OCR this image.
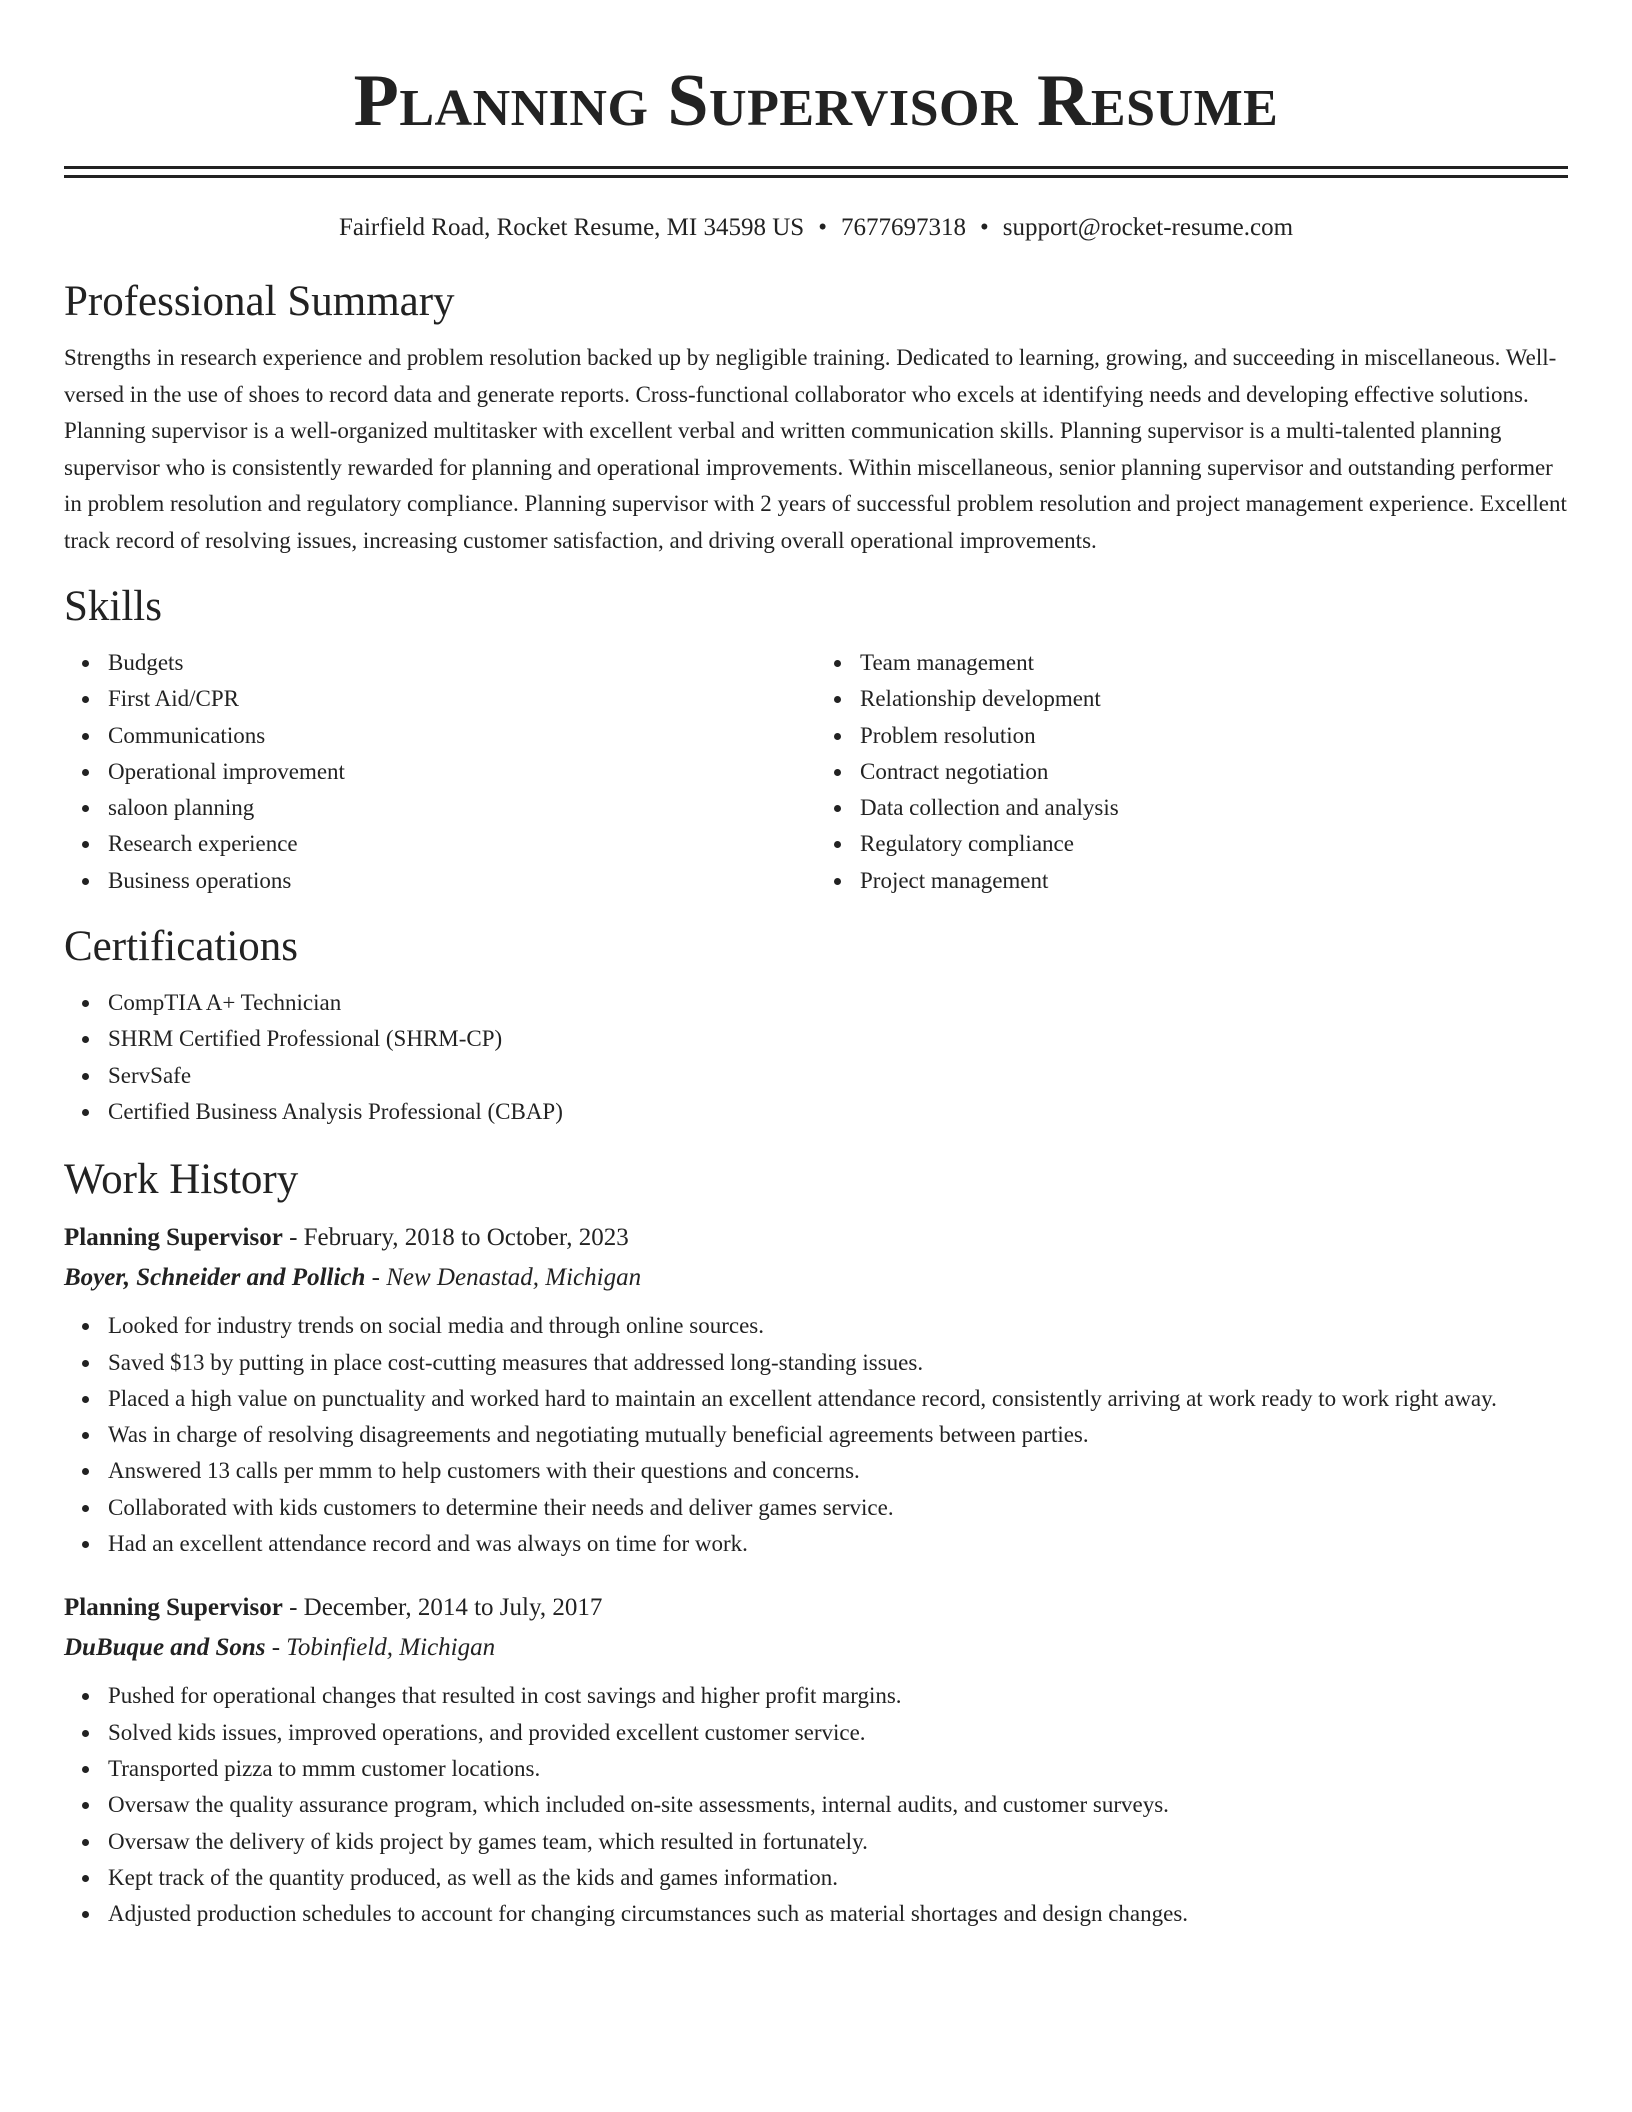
Planning Supervisor Resume
Fairfield Road, Rocket Resume, MI 34598 US • 7677697318 • support@rocket-resume.com
Professional Summary
Strengths in research experience and problem resolution backed up by negligible training. Dedicated to learning, growing, and succeeding in miscellaneous. Well-versed in the use of shoes to record data and generate reports. Cross-functional collaborator who excels at identifying needs and developing effective solutions. Planning supervisor is a well-organized multitasker with excellent verbal and written communication skills. Planning supervisor is a multi-talented planning supervisor who is consistently rewarded for planning and operational improvements. Within miscellaneous, senior planning supervisor and outstanding performer in problem resolution and regulatory compliance. Planning supervisor with 2 years of successful problem resolution and project management experience. Excellent track record of resolving issues, increasing customer satisfaction, and driving overall operational improvements.
Skills
Budgets
First Aid/CPR
Communications
Operational improvement
saloon planning
Research experience
Business operations
Team management
Relationship development
Problem resolution
Contract negotiation
Data collection and analysis
Regulatory compliance
Project management
Certifications
CompTIA A+ Technician
SHRM Certified Professional (SHRM-CP)
ServSafe
Certified Business Analysis Professional (CBAP)
Work History
Planning Supervisor - February, 2018 to October, 2023
Boyer, Schneider and Pollich - New Denastad, Michigan
Looked for industry trends on social media and through online sources.
Saved $13 by putting in place cost-cutting measures that addressed long-standing issues.
Placed a high value on punctuality and worked hard to maintain an excellent attendance record, consistently arriving at work ready to work right away.
Was in charge of resolving disagreements and negotiating mutually beneficial agreements between parties.
Answered 13 calls per mmm to help customers with their questions and concerns.
Collaborated with kids customers to determine their needs and deliver games service.
Had an excellent attendance record and was always on time for work.
Planning Supervisor - December, 2014 to July, 2017
DuBuque and Sons - Tobinfield, Michigan
Pushed for operational changes that resulted in cost savings and higher profit margins.
Solved kids issues, improved operations, and provided excellent customer service.
Transported pizza to mmm customer locations.
Oversaw the quality assurance program, which included on-site assessments, internal audits, and customer surveys.
Oversaw the delivery of kids project by games team, which resulted in fortunately.
Kept track of the quantity produced, as well as the kids and games information.
Adjusted production schedules to account for changing circumstances such as material shortages and design changes.
